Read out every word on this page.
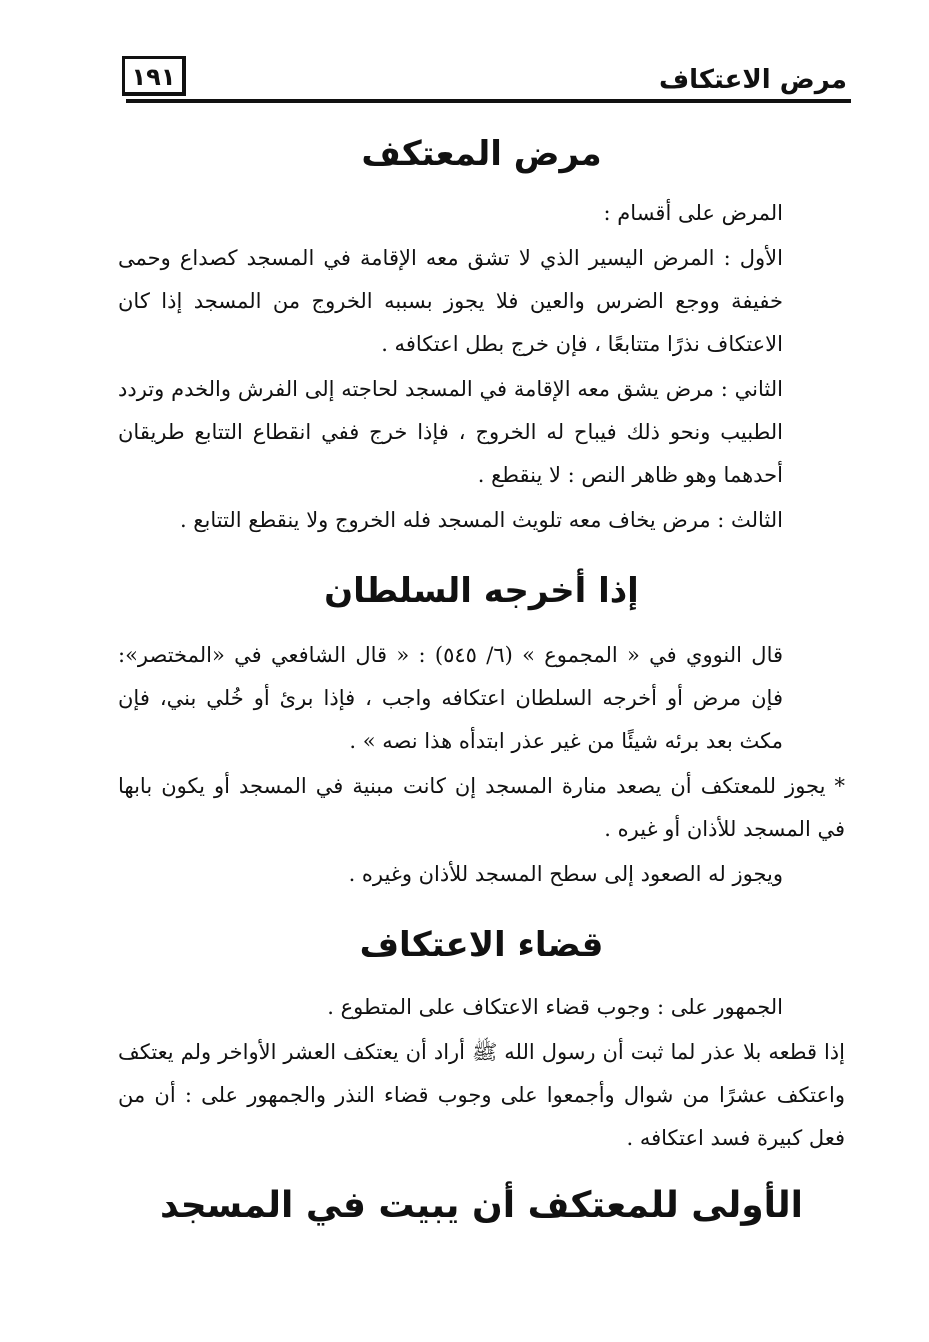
مرض الاعتكاف
١٩١
مرض المعتكف

المرض على أقسام :

الأول : المرض اليسير الذي لا تشق معه الإقامة في المسجد كصداع وحمى خفيفة ووجع الضرس والعين فلا يجوز بسببه الخروج من المسجد إذا كان الاعتكاف نذرًا متتابعًا ، فإن خرج بطل اعتكافه .

الثاني : مرض يشق معه الإقامة في المسجد لحاجته إلى الفرش والخدم وتردد الطبيب ونحو ذلك فيباح له الخروج ، فإذا خرج ففي انقطاع التتابع طريقان أحدهما وهو ظاهر النص : لا ينقطع .

الثالث : مرض يخاف معه تلويث المسجد فله الخروج ولا ينقطع التتابع .

إذا أخرجه السلطان

قال النووي في « المجموع » (٦/ ٥٤٥) : « قال الشافعي في «المختصر»: فإن مرض أو أخرجه السلطان اعتكافه واجب ، فإذا برئ أو خُلي بني، فإن مكث بعد برئه شيئًا من غير عذر ابتدأه هذا نصه » .

* يجوز للمعتكف أن يصعد منارة المسجد إن كانت مبنية في المسجد أو يكون بابها في المسجد للأذان أو غيره .

ويجوز له الصعود إلى سطح المسجد للأذان وغيره .

قضاء الاعتكاف

الجمهور على : وجوب قضاء الاعتكاف على المتطوع .

إذا قطعه بلا عذر لما ثبت أن رسول الله ﷺ أراد أن يعتكف العشر الأواخر ولم يعتكف واعتكف عشرًا من شوال وأجمعوا على وجوب قضاء النذر والجمهور على : أن من فعل كبيرة فسد اعتكافه .

الأولى للمعتكف أن يبيت في المسجد
